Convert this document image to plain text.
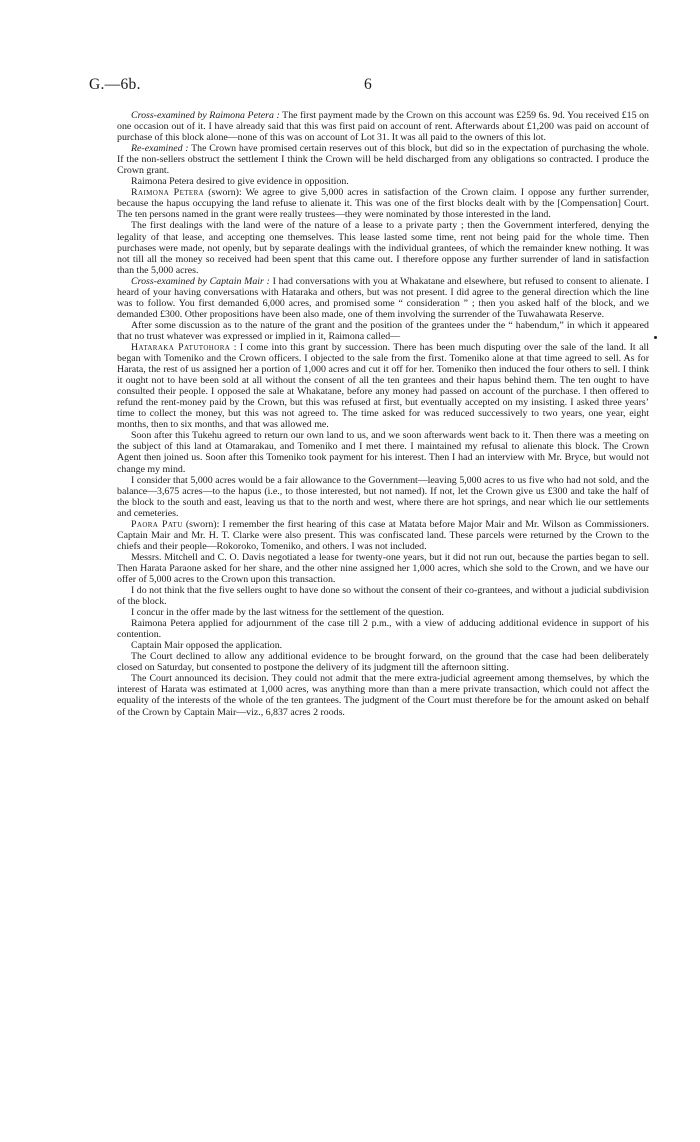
G.—6b.	6

Cross-examined by Raimona Petera : The first payment made by the Crown on this account was £259 6s. 9d. You received £15 on one occasion out of it. I have already said that this was first paid on account of rent. Afterwards about £1,200 was paid on account of purchase of this block alone—none of this was on account of Lot 31. It was all paid to the owners of this lot.

Re-examined : The Crown have promised certain reserves out of this block, but did so in the expectation of purchasing the whole. If the non-sellers obstruct the settlement I think the Crown will be held discharged from any obligations so contracted. I produce the Crown grant.

Raimona Petera desired to give evidence in opposition.

Raimona Petera (sworn): We agree to give 5,000 acres in satisfaction of the Crown claim. I oppose any further surrender, because the hapus occupying the land refuse to alienate it. This was one of the first blocks dealt with by the [Compensation] Court. The ten persons named in the grant were really trustees—they were nominated by those interested in the land.

The first dealings with the land were of the nature of a lease to a private party ; then the Government interfered, denying the legality of that lease, and accepting one themselves. This lease lasted some time, rent not being paid for the whole time. Then purchases were made, not openly, but by separate dealings with the individual grantees, of which the remainder knew nothing. It was not till all the money so received had been spent that this came out. I therefore oppose any further surrender of land in satisfaction than the 5,000 acres.

Cross-examined by Captain Mair : I had conversations with you at Whakatane and elsewhere, but refused to consent to alienate. I heard of your having conversations with Hataraka and others, but was not present. I did agree to the general direction which the line was to follow. You first demanded 6,000 acres, and promised some “ consideration ” ; then you asked half of the block, and we demanded £300. Other propositions have been also made, one of them involving the surrender of the Tuwahawata Reserve.

After some discussion as to the nature of the grant and the position of the grantees under the “ habendum,” in which it appeared that no trust whatever was expressed or implied in it, Raimona called—

Hataraka Patutohora : I come into this grant by succession. There has been much disputing over the sale of the land. It all began with Tomeniko and the Crown officers. I objected to the sale from the first. Tomeniko alone at that time agreed to sell. As for Harata, the rest of us assigned her a portion of 1,000 acres and cut it off for her. Tomeniko then induced the four others to sell. I think it ought not to have been sold at all without the consent of all the ten grantees and their hapus behind them. The ten ought to have consulted their people. I opposed the sale at Whakatane, before any money had passed on account of the purchase. I then offered to refund the rent-money paid by the Crown, but this was refused at first, but eventually accepted on my insisting. I asked three years’ time to collect the money, but this was not agreed to. The time asked for was reduced successively to two years, one year, eight months, then to six months, and that was allowed me.

Soon after this Tukehu agreed to return our own land to us, and we soon afterwards went back to it. Then there was a meeting on the subject of this land at Otamarakau, and Tomeniko and I met there. I maintained my refusal to alienate this block. The Crown Agent then joined us. Soon after this Tomeniko took payment for his interest. Then I had an interview with Mr. Bryce, but would not change my mind.

I consider that 5,000 acres would be a fair allowance to the Government—leaving 5,000 acres to us five who had not sold, and the balance—3,675 acres—to the hapus (i.e., to those interested, but not named). If not, let the Crown give us £300 and take the half of the block to the south and east, leaving us that to the north and west, where there are hot springs, and near which lie our settlements and cemeteries.

Paora Patu (sworn): I remember the first hearing of this case at Matata before Major Mair and Mr. Wilson as Commissioners. Captain Mair and Mr. H. T. Clarke were also present. This was confiscated land. These parcels were returned by the Crown to the chiefs and their people—Rokoroko, Tomeniko, and others. I was not included.

Messrs. Mitchell and C. O. Davis negotiated a lease for twenty-one years, but it did not run out, because the parties began to sell. Then Harata Paraone asked for her share, and the other nine assigned her 1,000 acres, which she sold to the Crown, and we have our offer of 5,000 acres to the Crown upon this transaction.

I do not think that the five sellers ought to have done so without the consent of their co-grantees, and without a judicial subdivision of the block.

I concur in the offer made by the last witness for the settlement of the question.

Raimona Petera applied for adjournment of the case till 2 p.m., with a view of adducing additional evidence in support of his contention.

Captain Mair opposed the application.

The Court declined to allow any additional evidence to be brought forward, on the ground that the case had been deliberately closed on Saturday, but consented to postpone the delivery of its judgment till the afternoon sitting.

The Court announced its decision. They could not admit that the mere extra-judicial agreement among themselves, by which the interest of Harata was estimated at 1,000 acres, was anything more than than a mere private transaction, which could not affect the equality of the interests of the whole of the ten grantees. The judgment of the Court must therefore be for the amount asked on behalf of the Crown by Captain Mair—viz., 6,837 acres 2 roods.
